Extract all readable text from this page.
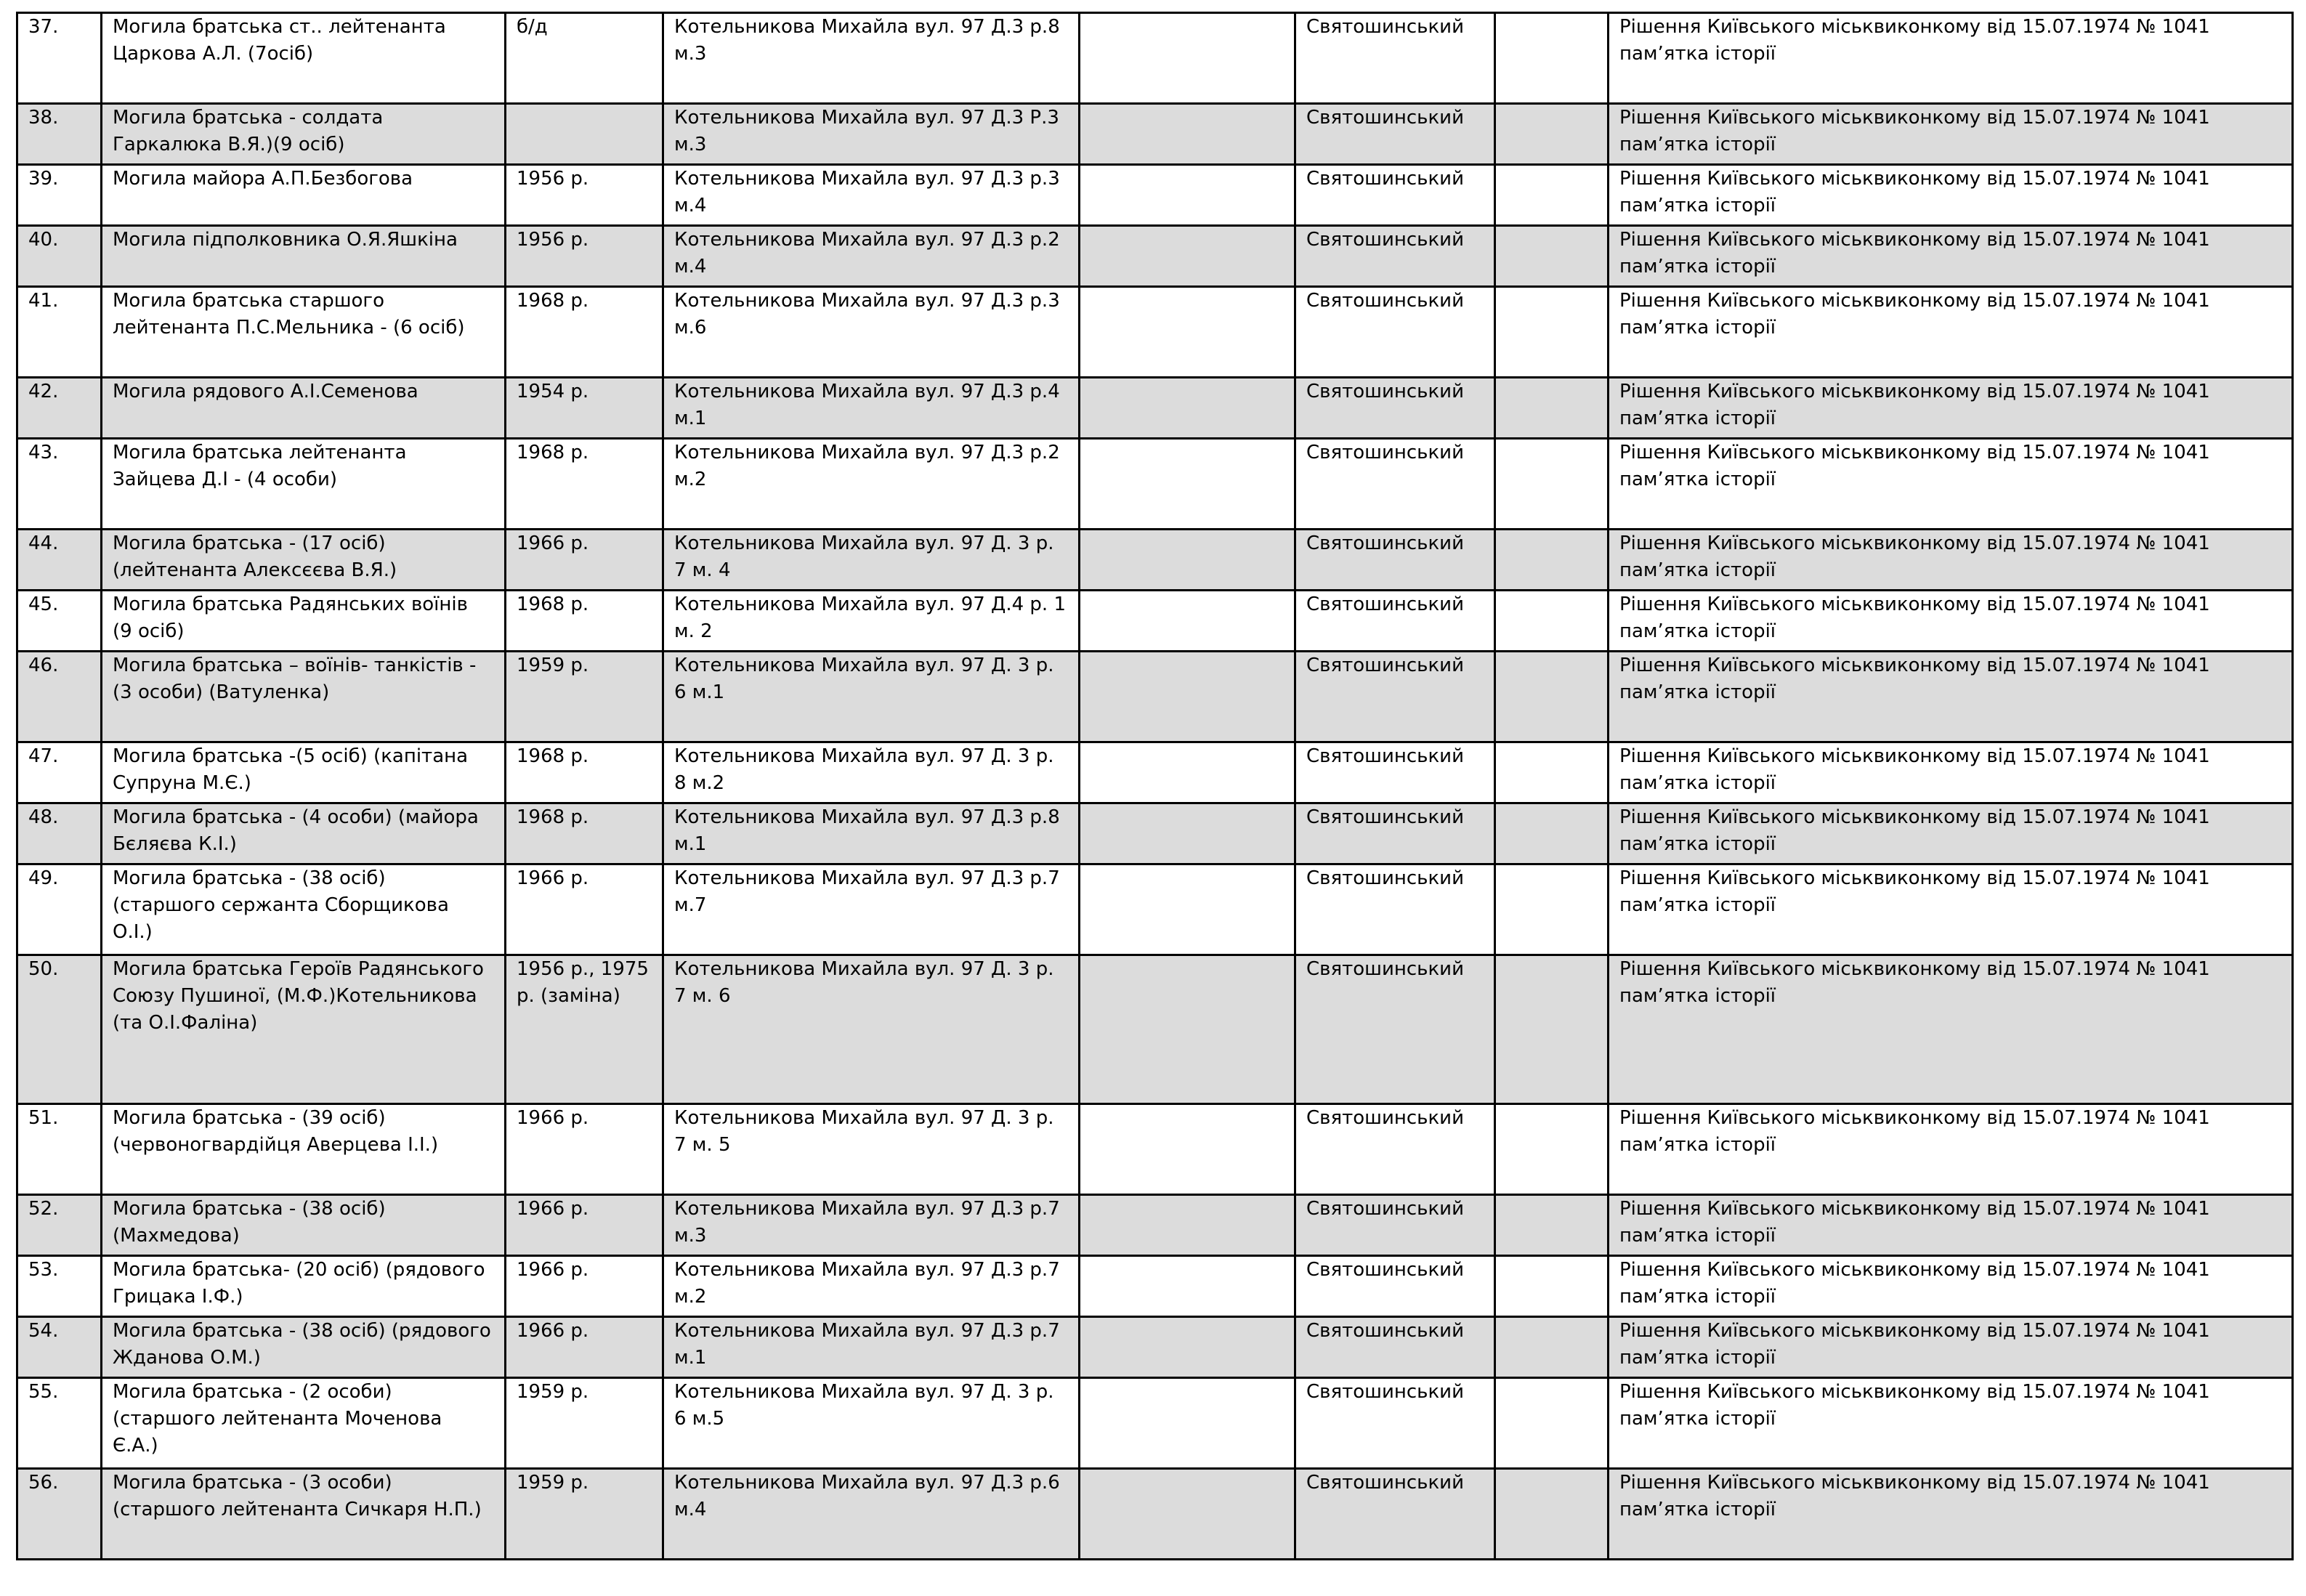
37.	Могила братська ст.. лейтенанта Царкова А.Л. (7осіб)	б/д	Котельникова Михайла вул. 97 Д.3 р.8 м.3		Святошинський		Рішення Київського міськвиконкому від 15.07.1974 № 1041 пам’ятка історії
38.	Могила братська - солдата Гаркалюка В.Я.)(9 осіб)		Котельникова Михайла вул. 97 Д.3 Р.3 м.3		Святошинський		Рішення Київського міськвиконкому від 15.07.1974 № 1041 пам’ятка історії
39.	Могила майора А.П.Безбогова	1956 р.	Котельникова Михайла вул. 97 Д.3 р.3 м.4		Святошинський		Рішення Київського міськвиконкому від 15.07.1974 № 1041 пам’ятка історії
40.	Могила підполковника О.Я.Яшкіна	1956 р.	Котельникова Михайла вул. 97 Д.3 р.2 м.4		Святошинський		Рішення Київського міськвиконкому від 15.07.1974 № 1041 пам’ятка історії
41.	Могила братська старшого лейтенанта П.С.Мельника - (6 осіб)	1968 р.	Котельникова Михайла вул. 97 Д.3 р.3 м.6		Святошинський		Рішення Київського міськвиконкому від 15.07.1974 № 1041 пам’ятка історії
42.	Могила рядового А.І.Семенова	1954 р.	Котельникова Михайла вул. 97 Д.3 р.4 м.1		Святошинський		Рішення Київського міськвиконкому від 15.07.1974 № 1041 пам’ятка історії
43.	Могила братська лейтенанта Зайцева Д.І - (4 особи)	1968 р.	Котельникова Михайла вул. 97 Д.3 р.2 м.2		Святошинський		Рішення Київського міськвиконкому від 15.07.1974 № 1041 пам’ятка історії
44.	Могила братська - (17 осіб) (лейтенанта Алексєєва В.Я.)	1966 р.	Котельникова Михайла вул. 97 Д. 3 р. 7 м. 4		Святошинський		Рішення Київського міськвиконкому від 15.07.1974 № 1041 пам’ятка історії
45.	Могила братська Радянських воїнів (9 осіб)	1968 р.	Котельникова Михайла вул. 97 Д.4 р. 1 м. 2		Святошинський		Рішення Київського міськвиконкому від 15.07.1974 № 1041 пам’ятка історії
46.	Могила братська – воїнів- танкістів - (3 особи) (Ватуленка)	1959 р.	Котельникова Михайла вул. 97 Д. 3 р. 6 м.1		Святошинський		Рішення Київського міськвиконкому від 15.07.1974 № 1041 пам’ятка історії
47.	Могила братська -(5 осіб) (капітана Супруна М.Є.)	1968 р.	Котельникова Михайла вул. 97 Д. 3 р. 8 м.2		Святошинський		Рішення Київського міськвиконкому від 15.07.1974 № 1041 пам’ятка історії
48.	Могила братська - (4 особи) (майора Бєляєва К.І.)	1968 р.	Котельникова Михайла вул. 97 Д.3 р.8 м.1		Святошинський		Рішення Київського міськвиконкому від 15.07.1974 № 1041 пам’ятка історії
49.	Могила братська - (38 осіб) (старшого сержанта Сборщикова О.І.)	1966 р.	Котельникова Михайла вул. 97 Д.3 р.7 м.7		Святошинський		Рішення Київського міськвиконкому від 15.07.1974 № 1041 пам’ятка історії
50.	Могила братська Героїв Радянського Союзу Пушиної, (М.Ф.)Котельникова (та О.І.Фаліна)	1956 р., 1975 р. (заміна)	Котельникова Михайла вул. 97 Д. 3 р. 7 м. 6		Святошинський		Рішення Київського міськвиконкому від 15.07.1974 № 1041 пам’ятка історії
51.	Могила братська - (39 осіб) (червоногвардійця Аверцева І.І.)	1966 р.	Котельникова Михайла вул. 97 Д. 3 р. 7 м. 5		Святошинський		Рішення Київського міськвиконкому від 15.07.1974 № 1041 пам’ятка історії
52.	Могила братська - (38 осіб) (Махмедова)	1966 р.	Котельникова Михайла вул. 97 Д.3 р.7 м.3		Святошинський		Рішення Київського міськвиконкому від 15.07.1974 № 1041 пам’ятка історії
53.	Могила братська- (20 осіб) (рядового Грицака І.Ф.)	1966 р.	Котельникова Михайла вул. 97 Д.3 р.7 м.2		Святошинський		Рішення Київського міськвиконкому від 15.07.1974 № 1041 пам’ятка історії
54.	Могила братська - (38 осіб) (рядового Жданова О.М.)	1966 р.	Котельникова Михайла вул. 97 Д.3 р.7 м.1		Святошинський		Рішення Київського міськвиконкому від 15.07.1974 № 1041 пам’ятка історії
55.	Могила братська - (2 особи) (старшого лейтенанта Моченова Є.А.)	1959 р.	Котельникова Михайла вул. 97 Д. 3 р. 6 м.5		Святошинський		Рішення Київського міськвиконкому від 15.07.1974 № 1041 пам’ятка історії
56.	Могила братська - (3 особи) (старшого лейтенанта Сичкаря Н.П.)	1959 р.	Котельникова Михайла вул. 97 Д.3 р.6 м.4		Святошинський		Рішення Київського міськвиконкому від 15.07.1974 № 1041 пам’ятка історії
